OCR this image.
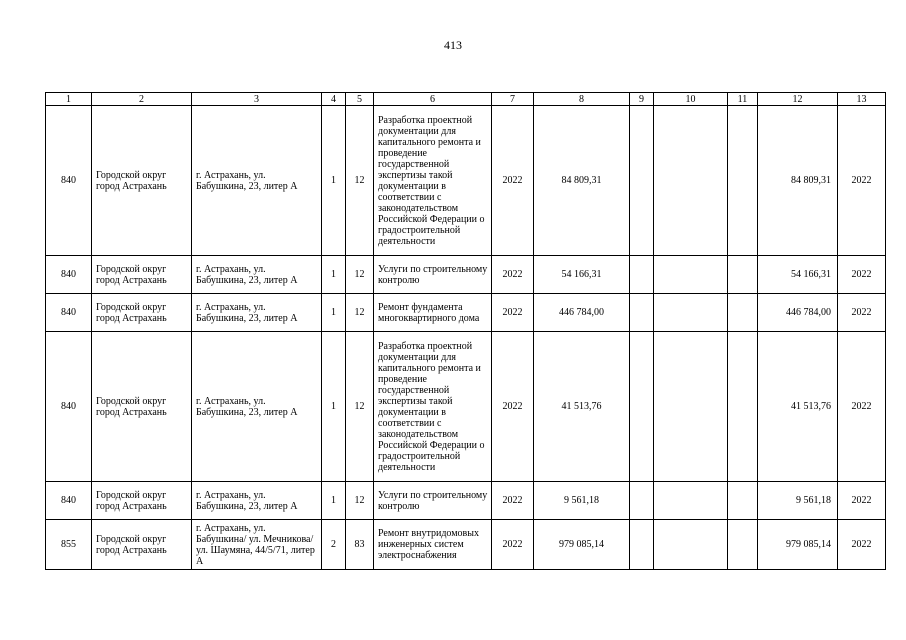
413
1	2	3	4	5	6	7	8	9	10	11	12	13
840	Городской округ город Астрахань	г. Астрахань, ул. Бабушкина, 23, литер А	1	12	Разработка проектной документации для капитального ремонта и проведение государственной экспертизы такой документации в соответствии с законодательством Российской Федерации о градостроительной деятельности	2022	84 809,31				84 809,31	2022
840	Городской округ город Астрахань	г. Астрахань, ул. Бабушкина, 23, литер А	1	12	Услуги по строительному контролю	2022	54 166,31				54 166,31	2022
840	Городской округ город Астрахань	г. Астрахань, ул. Бабушкина, 23, литер А	1	12	Ремонт фундамента многоквартирного дома	2022	446 784,00				446 784,00	2022
840	Городской округ город Астрахань	г. Астрахань, ул. Бабушкина, 23, литер А	1	12	Разработка проектной документации для капитального ремонта и проведение государственной экспертизы такой документации в соответствии с законодательством Российской Федерации о градостроительной деятельности	2022	41 513,76				41 513,76	2022
840	Городской округ город Астрахань	г. Астрахань, ул. Бабушкина, 23, литер А	1	12	Услуги по строительному контролю	2022	9 561,18				9 561,18	2022
855	Городской округ город Астрахань	г. Астрахань, ул. Бабушкина/ ул. Мечникова/ ул. Шаумяна, 44/5/71, литер А	2	83	Ремонт внутридомовых инженерных систем электроснабжения	2022	979 085,14				979 085,14	2022
